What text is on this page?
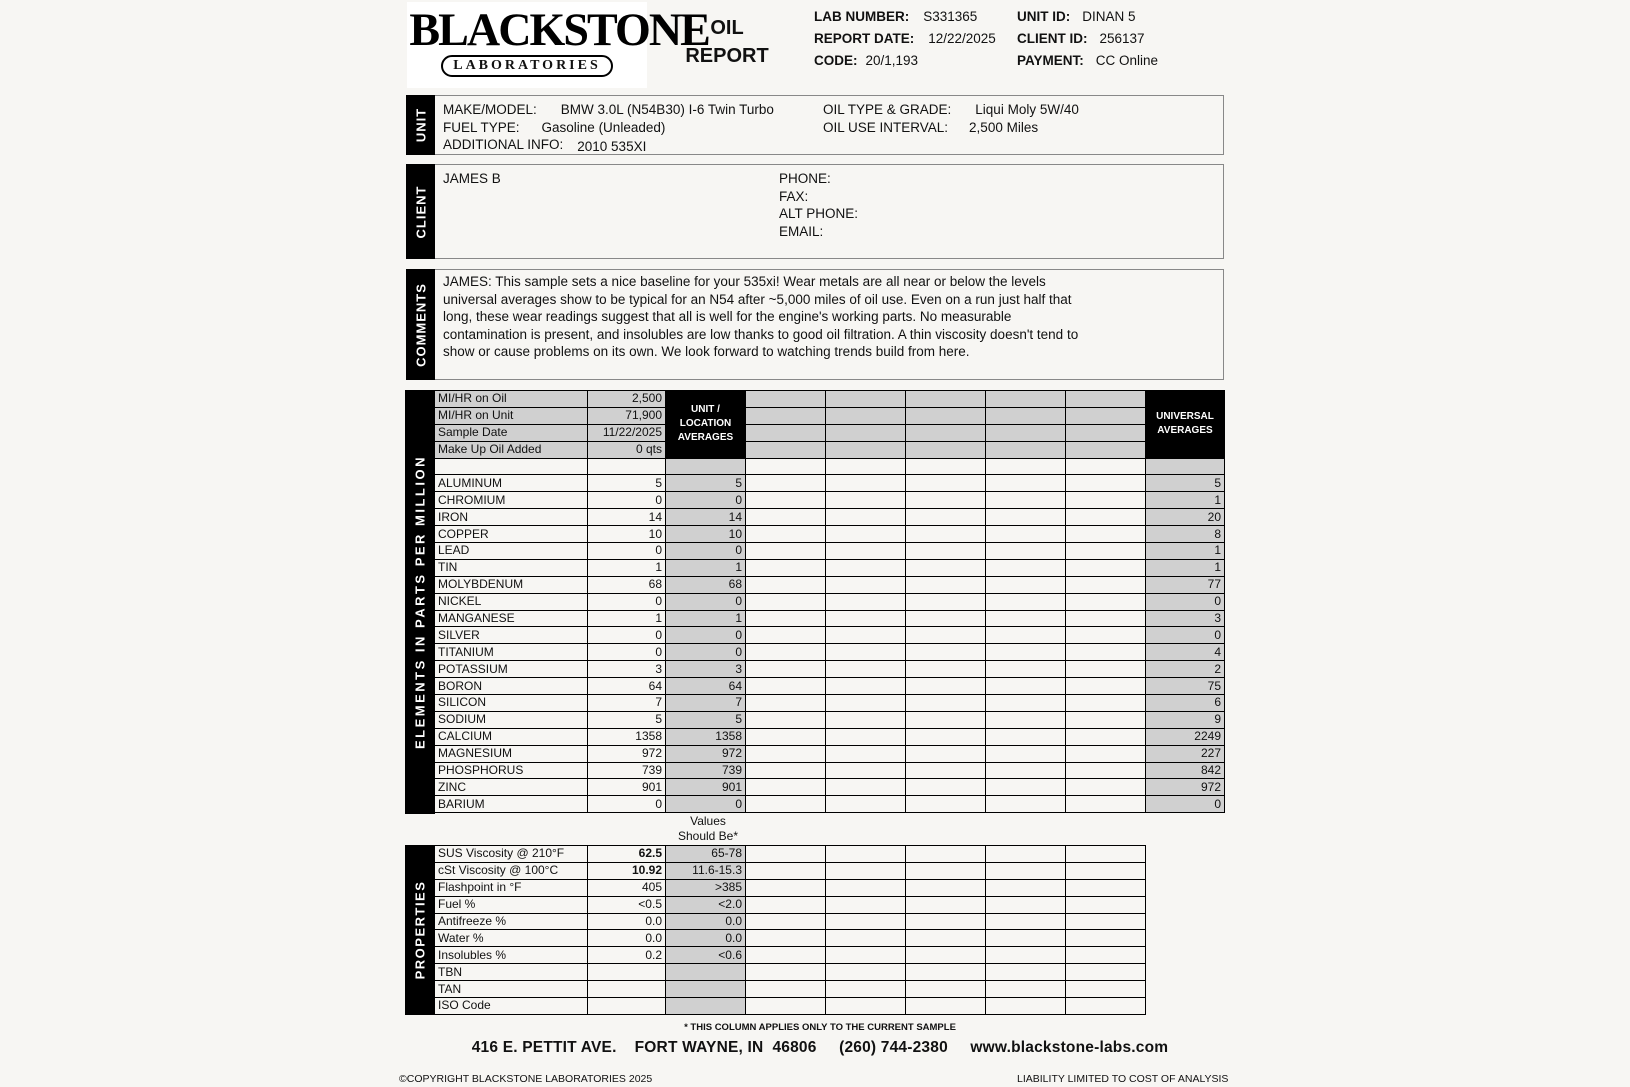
BLACKSTONE
LABORATORIES
OIL
REPORT
LAB NUMBER: S331365
REPORT DATE: 12/22/2025
CODE: 20/1,193
UNIT ID: DINAN 5
CLIENT ID: 256137
PAYMENT: CC Online
UNIT MAKE/MODEL: BMW 3.0L (N54B30) I-6 Twin Turbo
FUEL TYPE: Gasoline (Unleaded)
ADDITIONAL INFO: 2010 535XI
OIL TYPE & GRADE: Liqui Moly 5W/40
OIL USE INTERVAL: 2,500 Miles
CLIENT
JAMES B	PHONE:
FAX:
ALT PHONE:
EMAIL:
COMMENTS
JAMES: This sample sets a nice baseline for your 535xi! Wear metals are all near or below the levels
universal averages show to be typical for an N54 after ~5,000 miles of oil use. Even on a run just half that
long, these wear readings suggest that all is well for the engine's working parts. No measurable
contamination is present, and insolubles are low thanks to good oil filtration. A thin viscosity doesn't tend to
show or cause problems on its own. We look forward to watching trends build from here.
ELEMENTS IN PARTS PER MILLION
MI/HR on Oil	2,500	UNIT / LOCATION AVERAGES						UNIVERSAL AVERAGES
MI/HR on Unit	71,900							
Sample Date	11/22/2025							
Make Up Oil Added	0 qts							

ALUMINUM	5	5						5
CHROMIUM	0	0						1
IRON	14	14						20
COPPER	10	10						8
LEAD	0	0						1
TIN	1	1						1
MOLYBDENUM	68	68						77
NICKEL	0	0						0
MANGANESE	1	1						3
SILVER	0	0						0
TITANIUM	0	0						4
POTASSIUM	3	3						2
BORON	64	64						75
SILICON	7	7						6
SODIUM	5	5						9
CALCIUM	1358	1358						2249
MAGNESIUM	972	972						227
PHOSPHORUS	739	739						842
ZINC	901	901						972
BARIUM	0	0						0
Values
Should Be*
PROPERTIES
SUS Viscosity @ 210°F	62.5	65-78					
cSt Viscosity @ 100°C	10.92	11.6-15.3					
Flashpoint in °F	405	>385					
Fuel %	<0.5	<2.0					
Antifreeze %	0.0	0.0					
Water %	0.0	0.0					
Insolubles %	0.2	<0.6					
TBN							
TAN							
ISO Code							
* THIS COLUMN APPLIES ONLY TO THE CURRENT SAMPLE
416 E. PETTIT AVE.    FORT WAYNE, IN  46806     (260) 744-2380     www.blackstone-labs.com
©COPYRIGHT BLACKSTONE LABORATORIES 2025	LIABILITY LIMITED TO COST OF ANALYSIS
